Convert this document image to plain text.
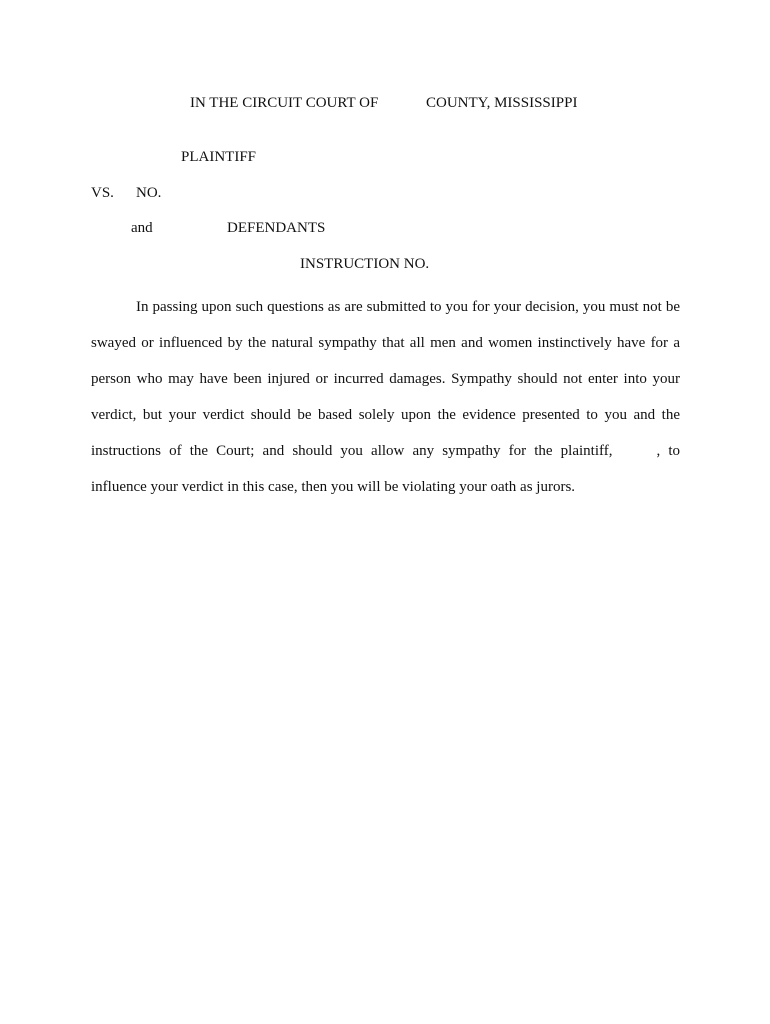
IN THE CIRCUIT COURT OF	COUNTY, MISSISSIPPI
PLAINTIFF
VS. NO.
and	DEFENDANTS
INSTRUCTION NO.

In passing upon such questions as are submitted to you for your decision, you must not be swayed or influenced by the natural sympathy that all men and women instinctively have for a person who may have been injured or incurred damages. Sympathy should not enter into your verdict, but your verdict should be based solely upon the evidence presented to you and the instructions of the Court; and should you allow any sympathy for the plaintiff,	, to influence your verdict in this case, then you will be violating your oath as jurors.
